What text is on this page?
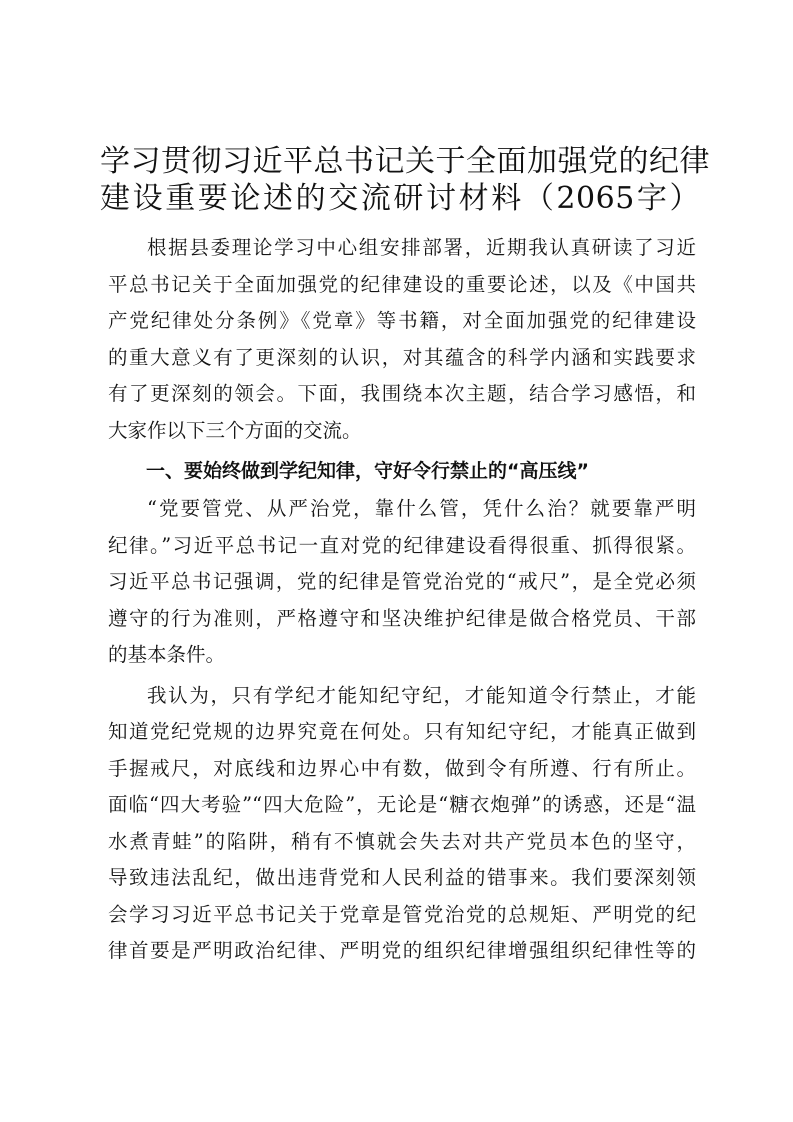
学习贯彻习近平总书记关于全面加强党的纪律
建设重要论述的交流研讨材料（2065字）
根据县委理论学习中心组安排部署，近期我认真研读了习近
平总书记关于全面加强党的纪律建设的重要论述，以及《中国共
产党纪律处分条例》《党章》等书籍，对全面加强党的纪律建设
的重大意义有了更深刻的认识，对其蕴含的科学内涵和实践要求
有了更深刻的领会。下面，我围绕本次主题，结合学习感悟，和
大家作以下三个方面的交流。
一、要始终做到学纪知律，守好令行禁止的“高压线”
“党要管党、从严治党，靠什么管，凭什么治？就要靠严明
纪律。”习近平总书记一直对党的纪律建设看得很重、抓得很紧。
习近平总书记强调，党的纪律是管党治党的“戒尺”，是全党必须
遵守的行为准则，严格遵守和坚决维护纪律是做合格党员、干部
的基本条件。
我认为，只有学纪才能知纪守纪，才能知道令行禁止，才能
知道党纪党规的边界究竟在何处。只有知纪守纪，才能真正做到
手握戒尺，对底线和边界心中有数，做到令有所遵、行有所止。
面临“四大考验”“四大危险”，无论是“糖衣炮弹”的诱惑，还是“温
水煮青蛙”的陷阱，稍有不慎就会失去对共产党员本色的坚守，
导致违法乱纪，做出违背党和人民利益的错事来。我们要深刻领
会学习习近平总书记关于党章是管党治党的总规矩、严明党的纪
律首要是严明政治纪律、严明党的组织纪律增强组织纪律性等的
